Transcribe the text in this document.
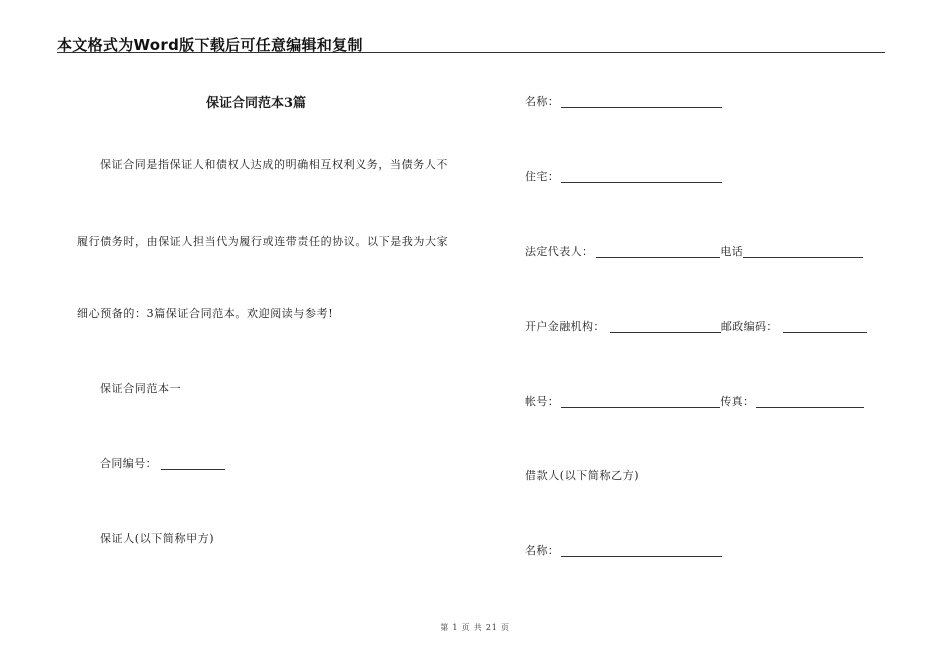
本文格式为Word版下载后可任意编辑和复制
保证合同范本3篇
保证合同是指保证人和债权人达成的明确相互权利义务，当债务人不
履行债务时，由保证人担当代为履行或连带责任的协议。以下是我为大家
细心预备的：3篇保证合同范本。欢迎阅读与参考!
保证合同范本一
合同编号：
保证人(以下简称甲方)
名称：
住宅：
法定代表人：	电话
开户金融机构：	邮政编码：
帐号：	传真：
借款人(以下简称乙方)
名称：
第 1 页 共 21 页
